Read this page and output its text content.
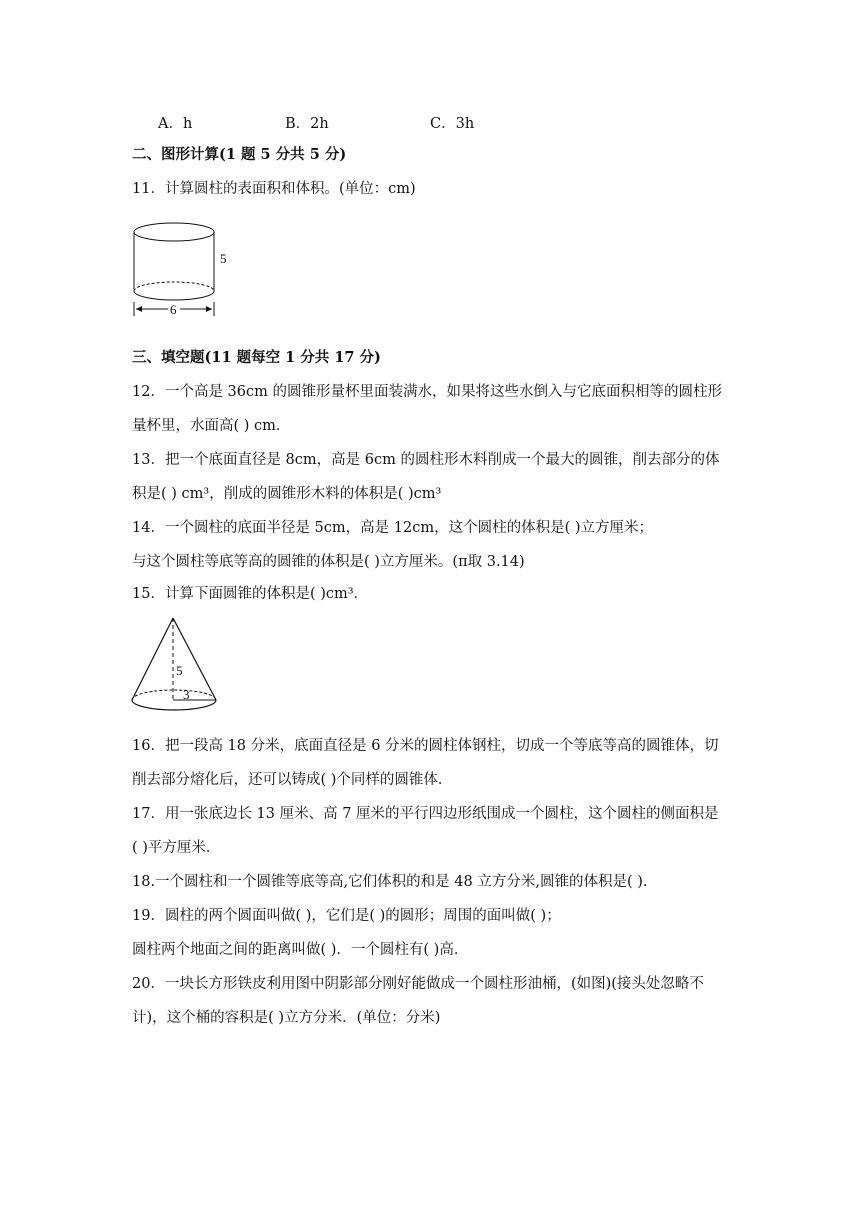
A．h	B．2h	C．3h
二、图形计算(1 题 5 分共 5 分)
11．计算圆柱的表面积和体积。(单位：cm)
5
6
三、填空题(11 题每空 1 分共 17 分)
12．一个高是 36cm 的圆锥形量杯里面装满水，如果将这些水倒入与它底面积相等的圆柱形
量杯里，水面高( ) cm．
13．把一个底面直径是 8cm，高是 6cm 的圆柱形木料削成一个最大的圆锥，削去部分的体
积是( ) cm³，削成的圆锥形木料的体积是( )cm³
14．一个圆柱的底面半径是 5cm，高是 12cm，这个圆柱的体积是( )立方厘米；
与这个圆柱等底等高的圆锥的体积是( )立方厘米。(π取 3.14)
15．计算下面圆锥的体积是( )cm³．
5
3
16．把一段高 18 分米，底面直径是 6 分米的圆柱体钢柱，切成一个等底等高的圆锥体，切
削去部分熔化后，还可以铸成( )个同样的圆锥体．
17．用一张底边长 13 厘米、高 7 厘米的平行四边形纸围成一个圆柱，这个圆柱的侧面积是
( )平方厘米．
18.一个圆柱和一个圆锥等底等高,它们体积的和是 48 立方分米,圆锥的体积是( ).
19．圆柱的两个圆面叫做( )，它们是( )的圆形；周围的面叫做( )；
圆柱两个地面之间的距离叫做( )．一个圆柱有( )高．
20．一块长方形铁皮利用图中阴影部分刚好能做成一个圆柱形油桶，(如图)(接头处忽略不
计)，这个桶的容积是( )立方分米．(单位：分米)
